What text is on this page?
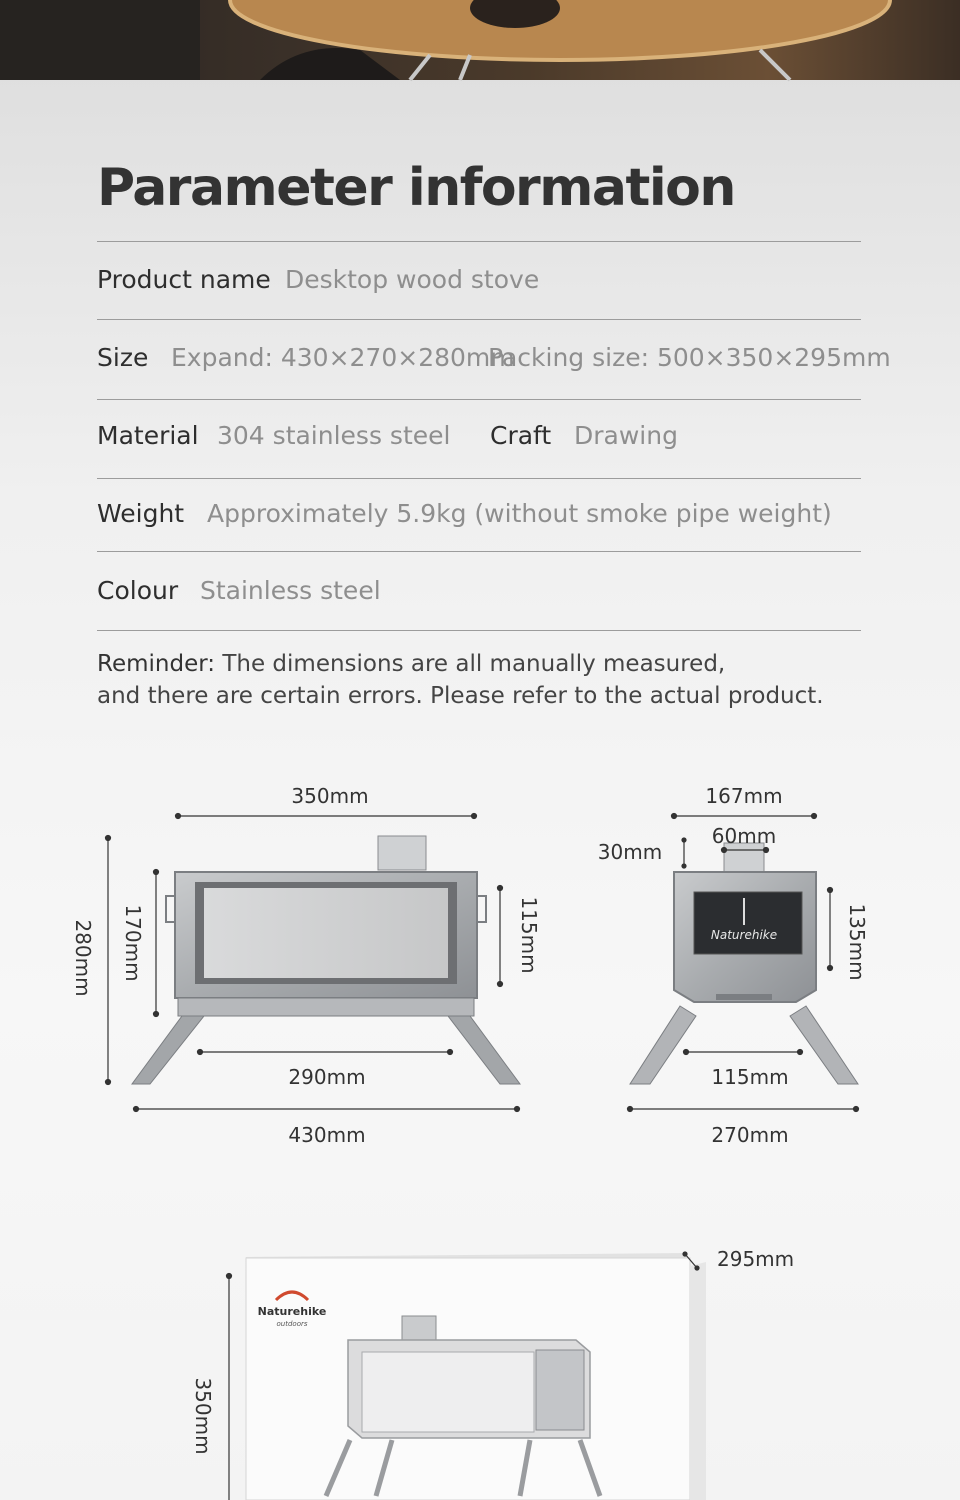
Parameter information
Product name Desktop wood stove
Size Expand: 430×270×280mm
Packing size: 500×350×295mm
Material 304 stainless steel Craft Drawing
Weight Approximately 5.9kg (without smoke pipe weight)
Colour Stainless steel
Reminder: The dimensions are all manually measured,
and there are certain errors. Please refer to the actual product.
350mm
280mm 170mm	115mm
290mm
430mm
Naturehike
167mm
60mm
30mm
135mm
115mm
270mm
Naturehike
outdoors
295mm
350mm
